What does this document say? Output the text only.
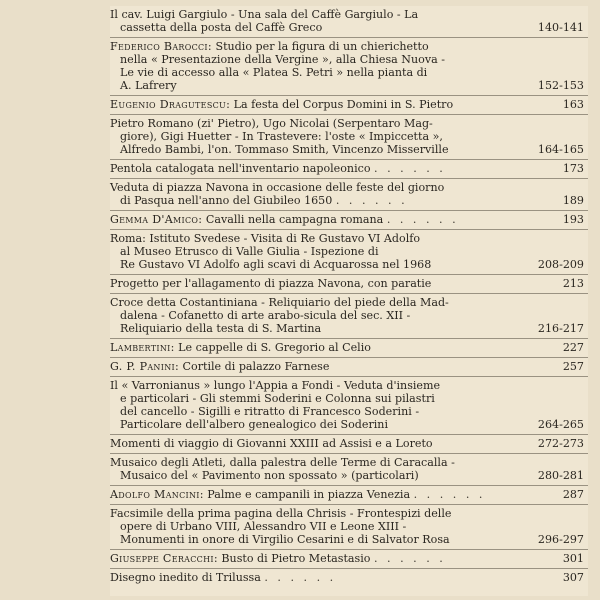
Il cav. Luigi Gargiulo - Una sala del Caffè Gargiulo - La
cassetta della posta del Caffè Greco	140-141
Federico Barocci: Studio per la figura di un chierichetto
nella « Presentazione della Vergine », alla Chiesa Nuova -
Le vie di accesso alla « Platea S. Petri » nella pianta di
A. Lafrery	152-153
Eugenio Dragutescu: La festa del Corpus Domini in S. Pietro	163
Pietro Romano (zi' Pietro), Ugo Nicolai (Serpentaro Mag-
giore), Gigi Huetter - In Trastevere: l'oste « Impiccetta »,
Alfredo Bambi, l'on. Tommaso Smith, Vincenzo Misserville	164-165
Pentola catalogata nell'inventario napoleonico . . . . . .	173
Veduta di piazza Navona in occasione delle feste del giorno
di Pasqua nell'anno del Giubileo 1650 . . . . . .	189
Gemma D'Amico: Cavalli nella campagna romana . . . . . .	193
Roma: Istituto Svedese - Visita di Re Gustavo VI Adolfo
al Museo Etrusco di Valle Giulia - Ispezione di
Re Gustavo VI Adolfo agli scavi di Acquarossa nel 1968	208-209
Progetto per l'allagamento di piazza Navona, con paratie	213
Croce detta Costantiniana - Reliquiario del piede della Mad-
dalena - Cofanetto di arte arabo-sicula del sec. XII -
Reliquiario della testa di S. Martina	216-217
Lambertini: Le cappelle di S. Gregorio al Celio	227
G. P. Panini: Cortile di palazzo Farnese	257
Il « Varronianus » lungo l'Appia a Fondi - Veduta d'insieme
e particolari - Gli stemmi Soderini e Colonna sui pilastri
del cancello - Sigilli e ritratto di Francesco Soderini -
Particolare dell'albero genealogico dei Soderini	264-265
Momenti di viaggio di Giovanni XXIII ad Assisi e a Loreto	272-273
Musaico degli Atleti, dalla palestra delle Terme di Caracalla -
Musaico del « Pavimento non spossato » (particolari)	280-281
Adolfo Mancini: Palme e campanili in piazza Venezia . . . . . .	287
Facsimile della prima pagina della Chrisis - Frontespizi delle
opere di Urbano VIII, Alessandro VII e Leone XIII -
Monumenti in onore di Virgilio Cesarini e di Salvator Rosa	296-297
Giuseppe Ceracchi: Busto di Pietro Metastasio . . . . . .	301
Disegno inedito di Trilussa . . . . . .	307
